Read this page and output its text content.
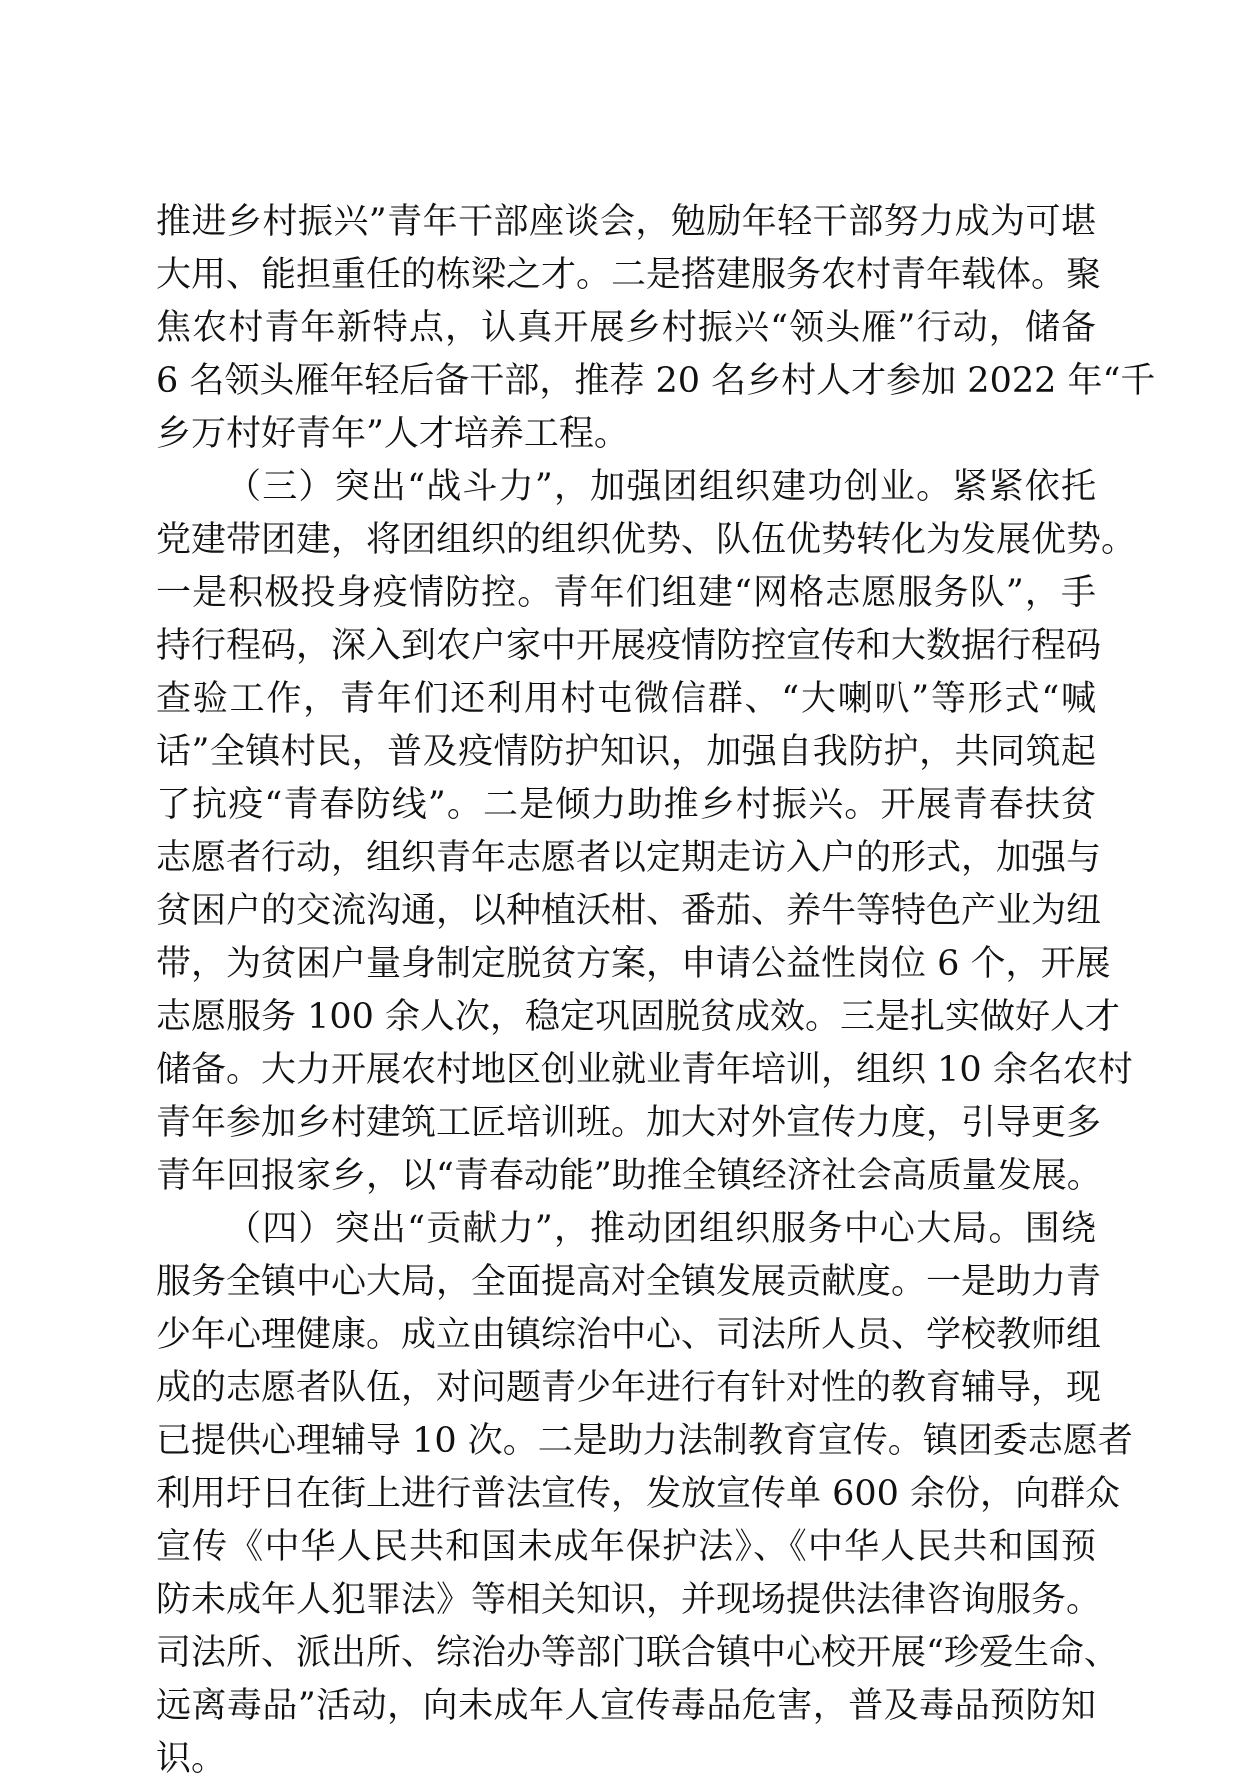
推进乡村振兴”青年干部座谈会，勉励年轻干部努力成为可堪
大用、能担重任的栋梁之才。二是搭建服务农村青年载体。聚
焦农村青年新特点，认真开展乡村振兴“领头雁”行动，储备
6 名领头雁年轻后备干部，推荐 20 名乡村人才参加 2022 年“千
乡万村好青年”人才培养工程。
（三）突出“战斗力”，加强团组织建功创业。紧紧依托
党建带团建，将团组织的组织优势、队伍优势转化为发展优势。
一是积极投身疫情防控。青年们组建“网格志愿服务队”，手
持行程码，深入到农户家中开展疫情防控宣传和大数据行程码
查验工作，青年们还利用村屯微信群、“大喇叭”等形式“喊
话”全镇村民，普及疫情防护知识，加强自我防护，共同筑起
了抗疫“青春防线”。二是倾力助推乡村振兴。开展青春扶贫
志愿者行动，组织青年志愿者以定期走访入户的形式，加强与
贫困户的交流沟通，以种植沃柑、番茄、养牛等特色产业为纽
带，为贫困户量身制定脱贫方案，申请公益性岗位 6 个，开展
志愿服务 100 余人次，稳定巩固脱贫成效。三是扎实做好人才
储备。大力开展农村地区创业就业青年培训，组织 10 余名农村
青年参加乡村建筑工匠培训班。加大对外宣传力度，引导更多
青年回报家乡，以“青春动能”助推全镇经济社会高质量发展。
（四）突出“贡献力”，推动团组织服务中心大局。围绕
服务全镇中心大局，全面提高对全镇发展贡献度。一是助力青
少年心理健康。成立由镇综治中心、司法所人员、学校教师组
成的志愿者队伍，对问题青少年进行有针对性的教育辅导，现
已提供心理辅导 10 次。二是助力法制教育宣传。镇团委志愿者
利用圩日在街上进行普法宣传，发放宣传单 600 余份，向群众
宣传《中华人民共和国未成年保护法》、《中华人民共和国预
防未成年人犯罪法》等相关知识，并现场提供法律咨询服务。
司法所、派出所、综治办等部门联合镇中心校开展“珍爱生命、
远离毒品”活动，向未成年人宣传毒品危害，普及毒品预防知
识。
